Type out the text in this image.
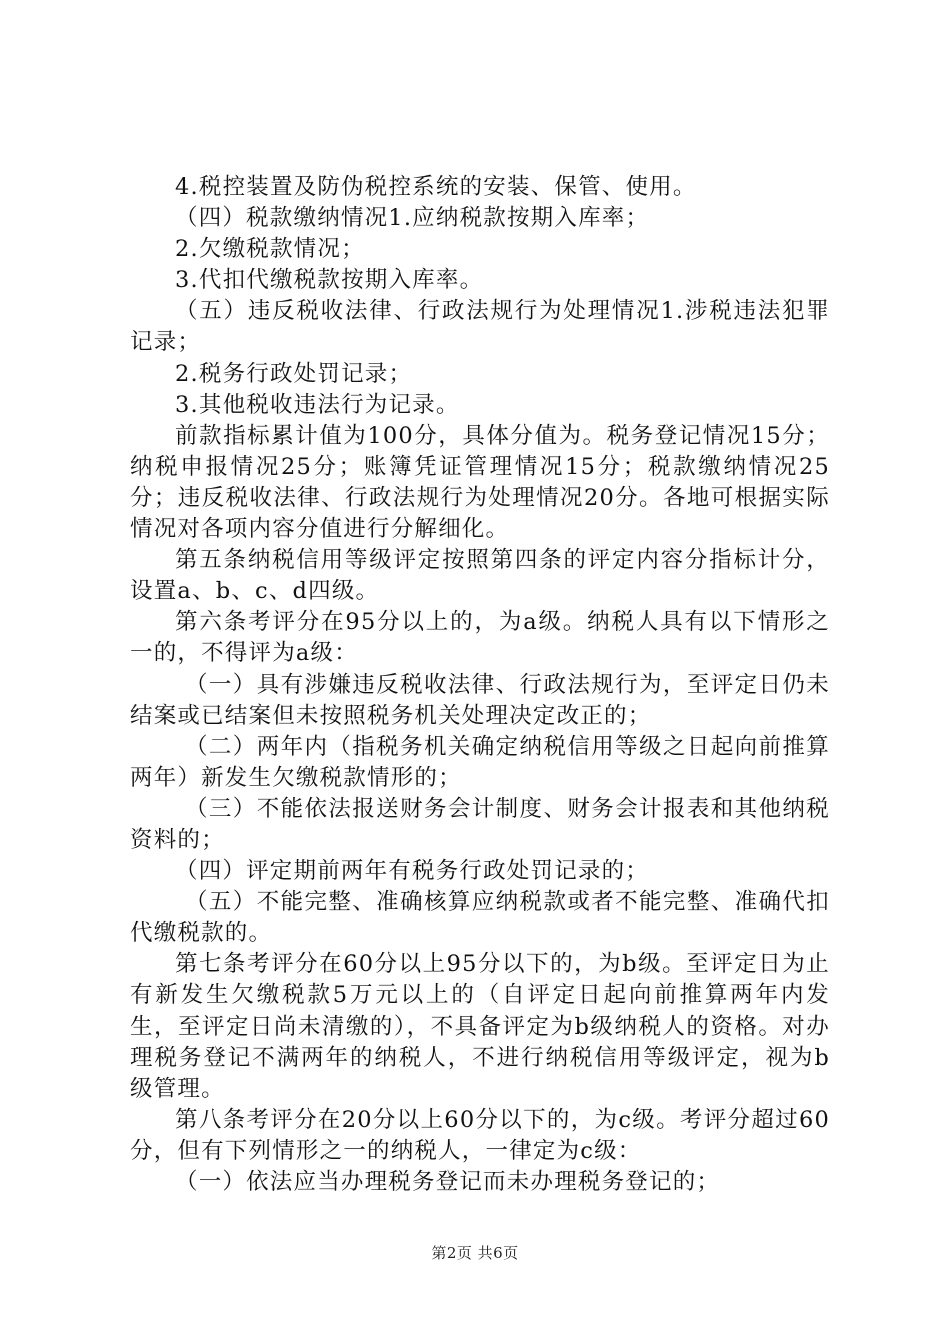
4.税控装置及防伪税控系统的安装、保管、使用。

（四）税款缴纳情况1.应纳税款按期入库率；

2.欠缴税款情况；

3.代扣代缴税款按期入库率。

（五）违反税收法律、行政法规行为处理情况1.涉税违法犯罪记录；

2.税务行政处罚记录；

3.其他税收违法行为记录。

前款指标累计值为100分，具体分值为。税务登记情况15分；纳税申报情况25分；账簿凭证管理情况15分；税款缴纳情况25分；违反税收法律、行政法规行为处理情况20分。各地可根据实际情况对各项内容分值进行分解细化。

第五条纳税信用等级评定按照第四条的评定内容分指标计分，设置a、b、c、d四级。

第六条考评分在95分以上的，为a级。纳税人具有以下情形之一的，不得评为a级：

（一）具有涉嫌违反税收法律、行政法规行为，至评定日仍未结案或已结案但未按照税务机关处理决定改正的；

（二）两年内（指税务机关确定纳税信用等级之日起向前推算两年）新发生欠缴税款情形的；

（三）不能依法报送财务会计制度、财务会计报表和其他纳税资料的；

（四）评定期前两年有税务行政处罚记录的；

（五）不能完整、准确核算应纳税款或者不能完整、准确代扣代缴税款的。

第七条考评分在60分以上95分以下的，为b级。至评定日为止有新发生欠缴税款5万元以上的（自评定日起向前推算两年内发生，至评定日尚未清缴的），不具备评定为b级纳税人的资格。对办理税务登记不满两年的纳税人，不进行纳税信用等级评定，视为b级管理。

第八条考评分在20分以上60分以下的，为c级。考评分超过60分，但有下列情形之一的纳税人，一律定为c级：

（一）依法应当办理税务登记而未办理税务登记的；

第2页 共6页
